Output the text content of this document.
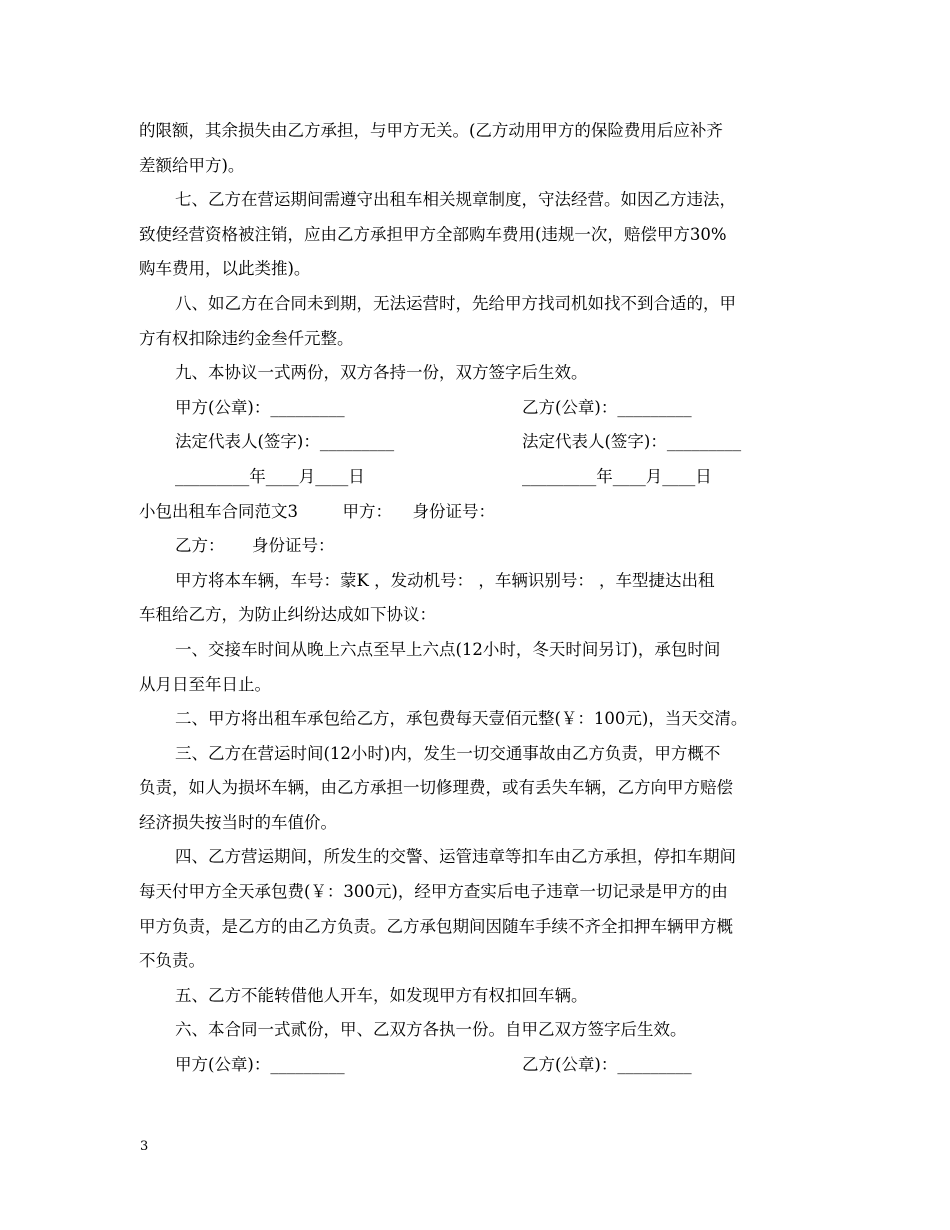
的限额，其余损失由乙方承担，与甲方无关。(乙方动用甲方的保险费用后应补齐
差额给甲方)。
七、乙方在营运期间需遵守出租车相关规章制度，守法经营。如因乙方违法，
致使经营资格被注销，应由乙方承担甲方全部购车费用(违规一次，赔偿甲方30%
购车费用，以此类推)。
八、如乙方在合同未到期，无法运营时，先给甲方找司机如找不到合适的，甲
方有权扣除违约金叁仟元整。
九、本协议一式两份，双方各持一份，双方签字后生效。
甲方(公章)：_________	乙方(公章)：_________
法定代表人(签字)：_________	法定代表人(签字)：_________
_________年____月____日	_________年____月____日
小包出租车合同范文3	甲方： 身份证号：
乙方： 身份证号：
甲方将本车辆，车号：蒙K ，发动机号： ，车辆识别号： ，车型捷达出租
车租给乙方，为防止纠纷达成如下协议：
一、交接车时间从晚上六点至早上六点(12小时，冬天时间另订)，承包时间
从月日至年日止。
二、甲方将出租车承包给乙方，承包费每天壹佰元整(￥：100元)，当天交清。
三、乙方在营运时间(12小时)内，发生一切交通事故由乙方负责，甲方概不
负责，如人为损坏车辆，由乙方承担一切修理费，或有丢失车辆，乙方向甲方赔偿
经济损失按当时的车值价。
四、乙方营运期间，所发生的交警、运管违章等扣车由乙方承担，停扣车期间
每天付甲方全天承包费(￥：300元)，经甲方查实后电子违章一切记录是甲方的由
甲方负责，是乙方的由乙方负责。乙方承包期间因随车手续不齐全扣押车辆甲方概
不负责。
五、乙方不能转借他人开车，如发现甲方有权扣回车辆。
六、本合同一式贰份，甲、乙双方各执一份。自甲乙双方签字后生效。
甲方(公章)：_________	乙方(公章)：_________
3
